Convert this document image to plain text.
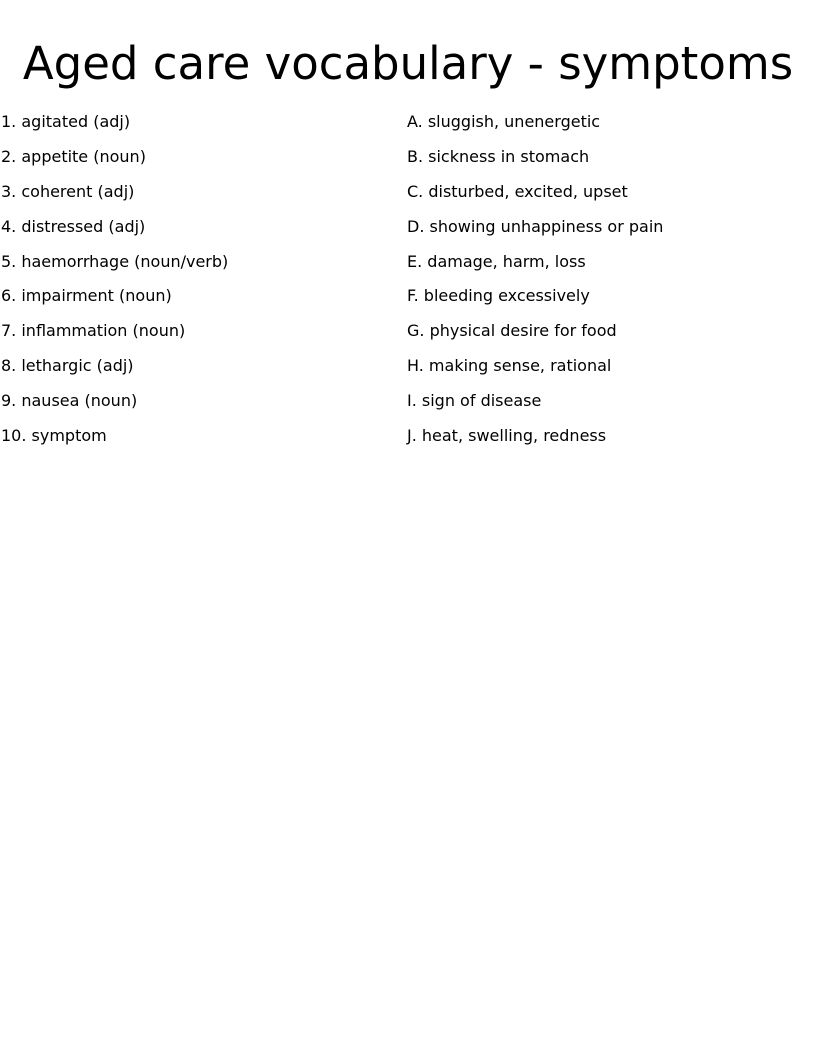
Aged care vocabulary - symptoms
1. agitated (adj)
2. appetite (noun)
3. coherent (adj)
4. distressed (adj)
5. haemorrhage (noun/verb)
6. impairment (noun)
7. inflammation (noun)
8. lethargic (adj)
9. nausea (noun)
10. symptom
A. sluggish, unenergetic
B. sickness in stomach
C. disturbed, excited, upset
D. showing unhappiness or pain
E. damage, harm, loss
F. bleeding excessively
G. physical desire for food
H. making sense, rational
I. sign of disease
J. heat, swelling, redness
